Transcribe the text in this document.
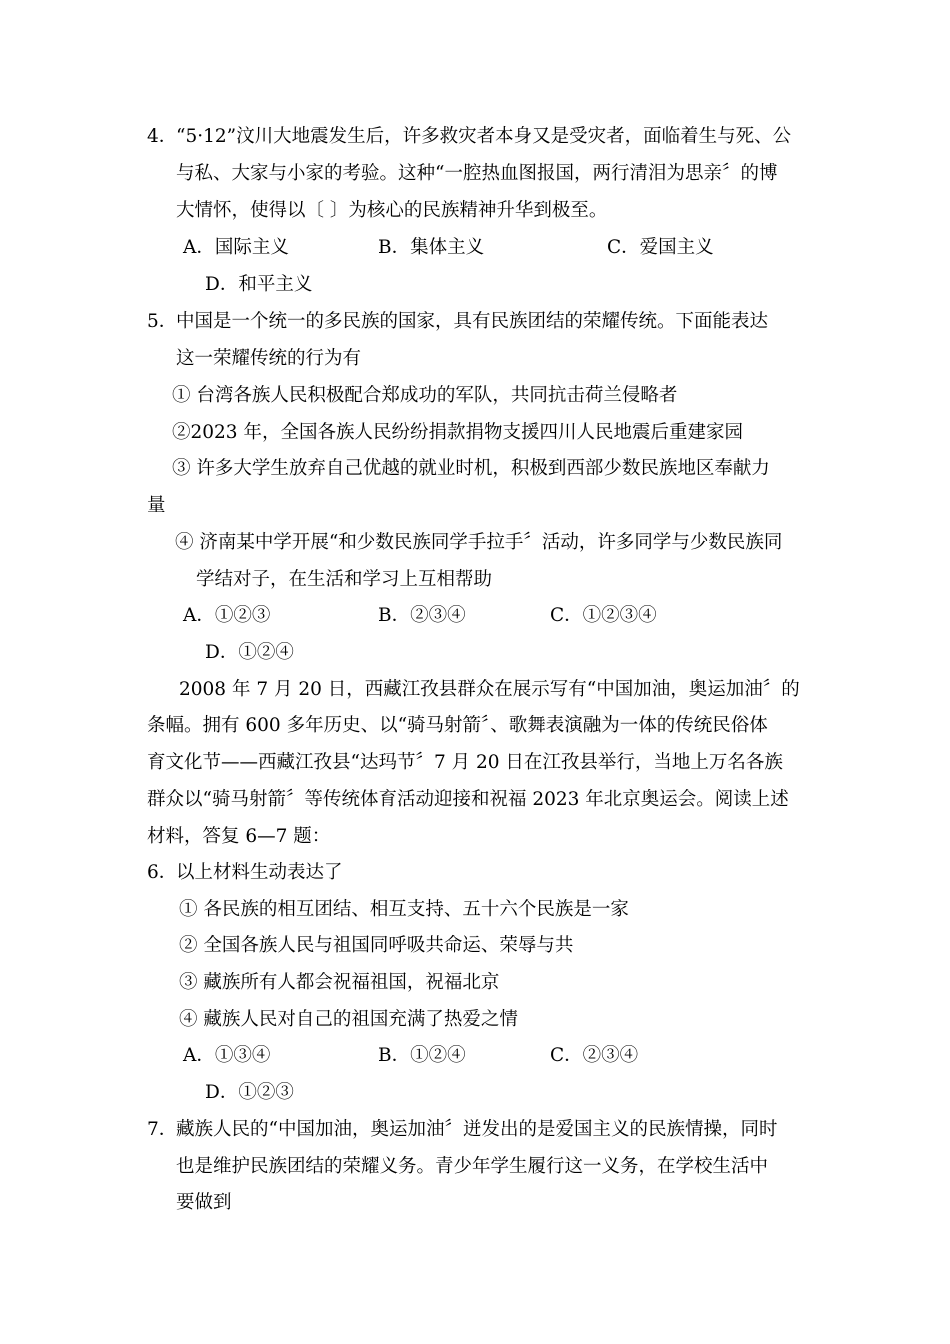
4．
“5·12”汶川大地震发生后，许多救灾者本身又是受灾者，面临着生与死、公
与私、大家与小家的考验。这种“一腔热血图报国，两行清泪为思亲〞的博
大情怀，使得以〔 〕为核心的民族精神升华到极至。
A．国际主义	B．集体主义	C．爱国主义
D．和平主义
5．
中国是一个统一的多民族的国家，具有民族团结的荣耀传统。下面能表达
这一荣耀传统的行为有
① 台湾各族人民积极配合郑成功的军队，共同抗击荷兰侵略者
②2023 年，全国各族人民纷纷捐款捐物支援四川人民地震后重建家园
③ 许多大学生放弃自己优越的就业时机，积极到西部少数民族地区奉献力
量
④ 济南某中学开展“和少数民族同学手拉手〞活动，许多同学与少数民族同
学结对子，在生活和学习上互相帮助
A．①②③	B．②③④	C．①②③④
D．①②④
2008 年 7 月 20 日，西藏江孜县群众在展示写有“中国加油，奥运加油〞的
条幅。拥有 600 多年历史、以“骑马射箭〞、歌舞表演融为一体的传统民俗体
育文化节——西藏江孜县“达玛节〞7 月 20 日在江孜县举行，当地上万名各族
群众以“骑马射箭〞等传统体育活动迎接和祝福 2023 年北京奥运会。阅读上述
材料，答复 6—7 题：
6．
以上材料生动表达了
① 各民族的相互团结、相互支持、五十六个民族是一家
② 全国各族人民与祖国同呼吸共命运、荣辱与共
③ 藏族所有人都会祝福祖国，祝福北京
④ 藏族人民对自己的祖国充满了热爱之情
A．①③④	B．①②④	C．②③④
D．①②③
7．
藏族人民的“中国加油，奥运加油〞迸发出的是爱国主义的民族情操，同时
也是维护民族团结的荣耀义务。青少年学生履行这一义务，在学校生活中
要做到
